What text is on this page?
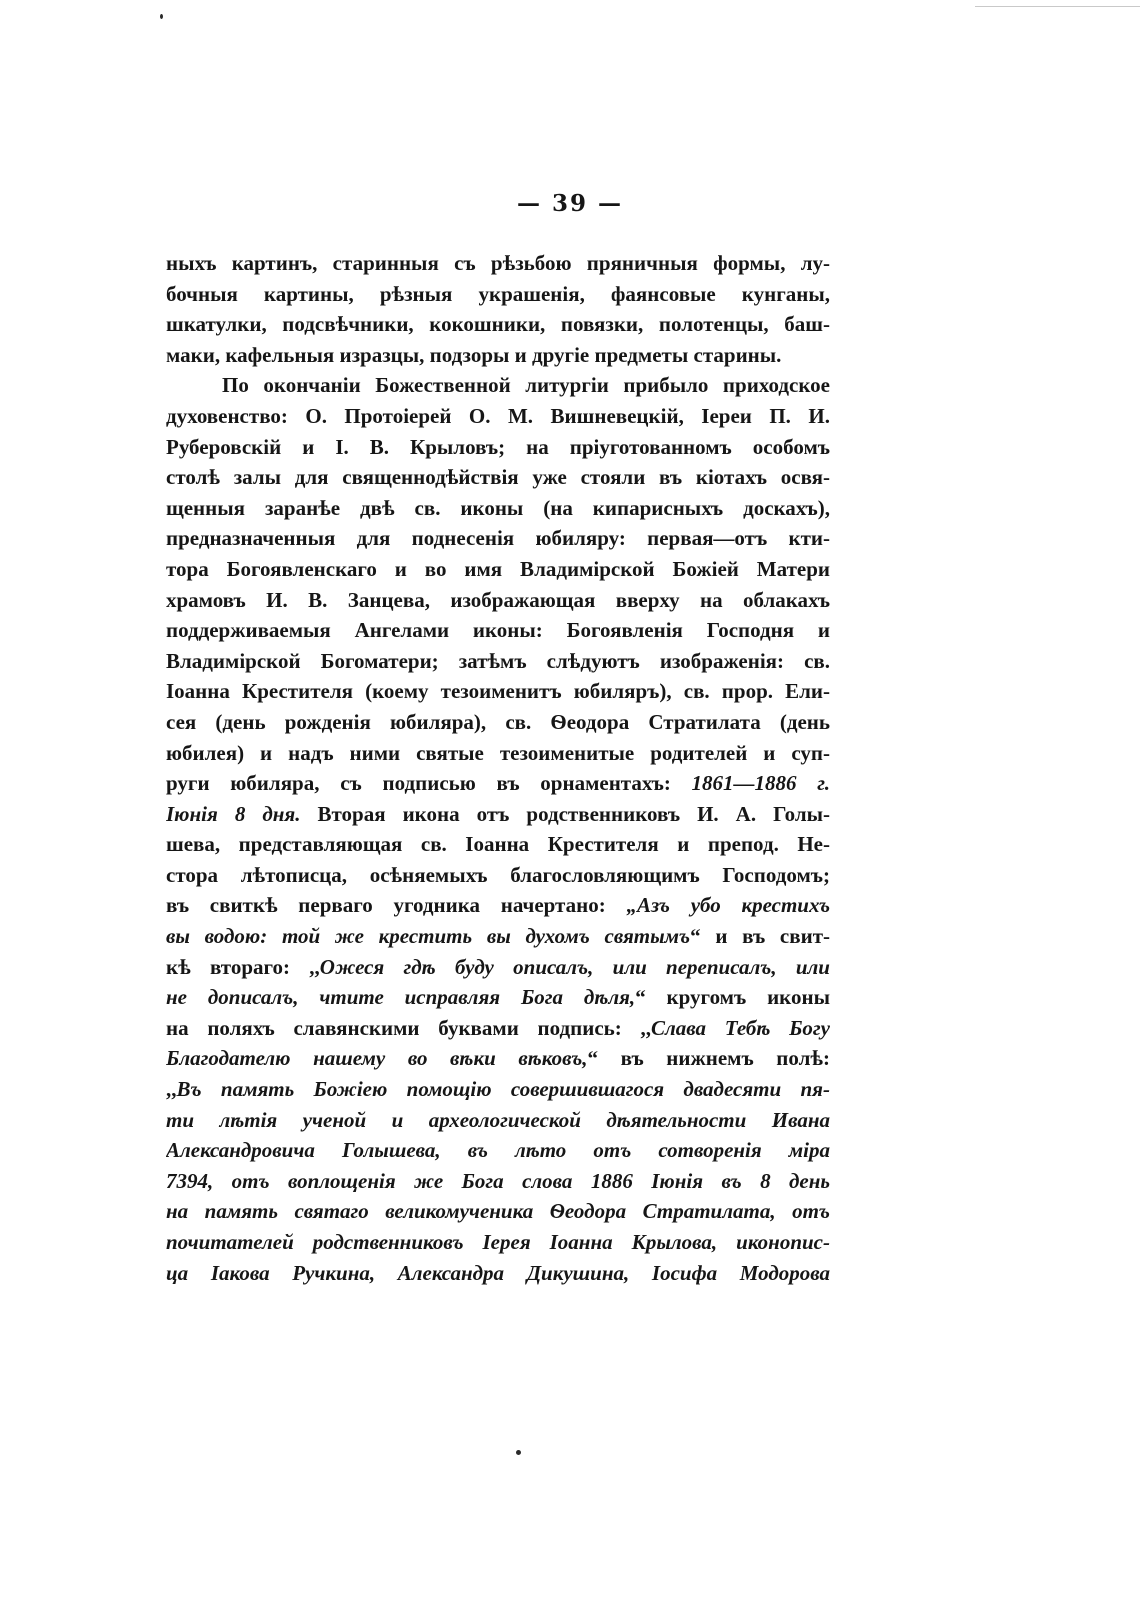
— 39 —
ныхъ картинъ, старинныя съ рѣзьбою пряничныя формы, лу-
бочныя картины, рѣзныя украшенія, фаянсовые кунганы,
шкатулки, подсвѣчники, кокошники, повязки, полотенцы, баш-
маки, кафельныя изразцы, подзоры и другіе предметы старины.
По окончаніи Божественной литургіи прибыло приходское
духовенство: О. Протоіерей О. М. Вишневецкій, Іереи П. И.
Руберовскій и І. В. Крыловъ; на пріуготованномъ особомъ
столѣ залы для священнодѣйствія уже стояли въ кіотахъ освя-
щенныя заранѣе двѣ св. иконы (на кипарисныхъ доскахъ),
предназначенныя для поднесенія юбиляру: первая—отъ кти-
тора Богоявленскаго и во имя Владимірской Божіей Матери
храмовъ И. В. Занцева, изображающая вверху на облакахъ
поддерживаемыя Ангелами иконы: Богоявленія Господня и
Владимірской Богоматери; затѣмъ слѣдуютъ изображенія: св.
Іоанна Крестителя (коему тезоименитъ юбиляръ), св. прор. Ели-
сея (день рожденія юбиляра), св. Ѳеодора Стратилата (день
юбилея) и надъ ними святые тезоименитые родителей и суп-
руги юбиляра, съ подписью въ орнаментахъ: 1861—1886 г.
Іюнія 8 дня. Вторая икона отъ родственниковъ И. А. Голы-
шева, представляющая св. Іоанна Крестителя и препод. Не-
стора лѣтописца, осѣняемыхъ благословляющимъ Господомъ;
въ свиткѣ перваго угодника начертано: „Азъ убо крестихъ
вы водою: той же крестить вы духомъ святымъ“ и въ свит-
кѣ втораго: ,,Ожеся гдѣ буду описалъ, или переписалъ, или
не дописалъ, чтите исправляя Бога дѣля,“ кругомъ иконы
на поляхъ славянскими буквами подпись: ,,Слава Тебѣ Богу
Благодателю нашему во вѣки вѣковъ,“ въ нижнемъ полѣ:
,,Въ память Божіею помощію совершившагося двадесяти пя-
ти лѣтія ученой и археологической дѣятельности Ивана
Александровича Голышева, въ лѣто отъ сотворенія міра
7394, отъ воплощенія же Бога слова 1886 Іюнія въ 8 день
на память святаго великомученика Ѳеодора Стратилата, отъ
почитателей родственниковъ Іерея Іоанна Крылова, иконопис-
ца Іакова Ручкина, Александра Дикушина, Іосифа Модорова
